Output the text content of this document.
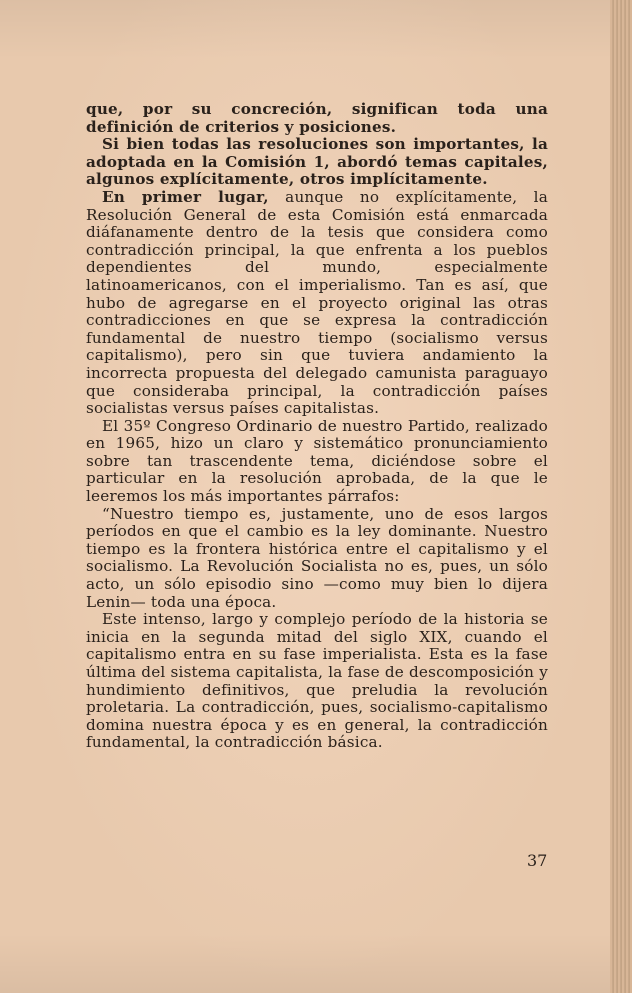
que, por su concreción, significan toda una definición de criterios y posiciones.

Si bien todas las resoluciones son importantes, la adoptada en la Comisión 1, abordó temas capitales, algunos explícitamente, otros implícitamente.

En primer lugar, aunque no explícitamente, la Resolución General de esta Comisión está enmarcada diáfanamente dentro de la tesis que considera como contradicción principal, la que enfrenta a los pueblos dependientes del mundo, especialmente latinoamericanos, con el imperialismo. Tan es así, que hubo de agregarse en el proyecto original las otras contradicciones en que se expresa la contradicción fundamental de nuestro tiempo (socialismo versus capitalismo), pero sin que tuviera andamiento la incorrecta propuesta del delegado camunista paraguayo que consideraba principal, la contradicción países socialistas versus países capitalistas.

El 35º Congreso Ordinario de nuestro Partido, realizado en 1965, hizo un claro y sistemático pronunciamiento sobre tan trascendente tema, diciéndose sobre el particular en la resolución aprobada, de la que le leeremos los más importantes párrafos:

“Nuestro tiempo es, justamente, uno de esos largos períodos en que el cambio es la ley dominante. Nuestro tiempo es la frontera histórica entre el capitalismo y el socialismo. La Revolución Socialista no es, pues, un sólo acto, un sólo episodio sino —como muy bien lo dijera Lenin— toda una época.

Este intenso, largo y complejo período de la historia se inicia en la segunda mitad del siglo XIX, cuando el capitalismo entra en su fase imperialista. Esta es la fase última del sistema capitalista, la fase de descomposición y hundimiento definitivos, que preludia la revolución proletaria. La contradicción, pues, socialismo-capitalismo domina nuestra época y es en general, la contradicción fundamental, la contradicción básica.

37
